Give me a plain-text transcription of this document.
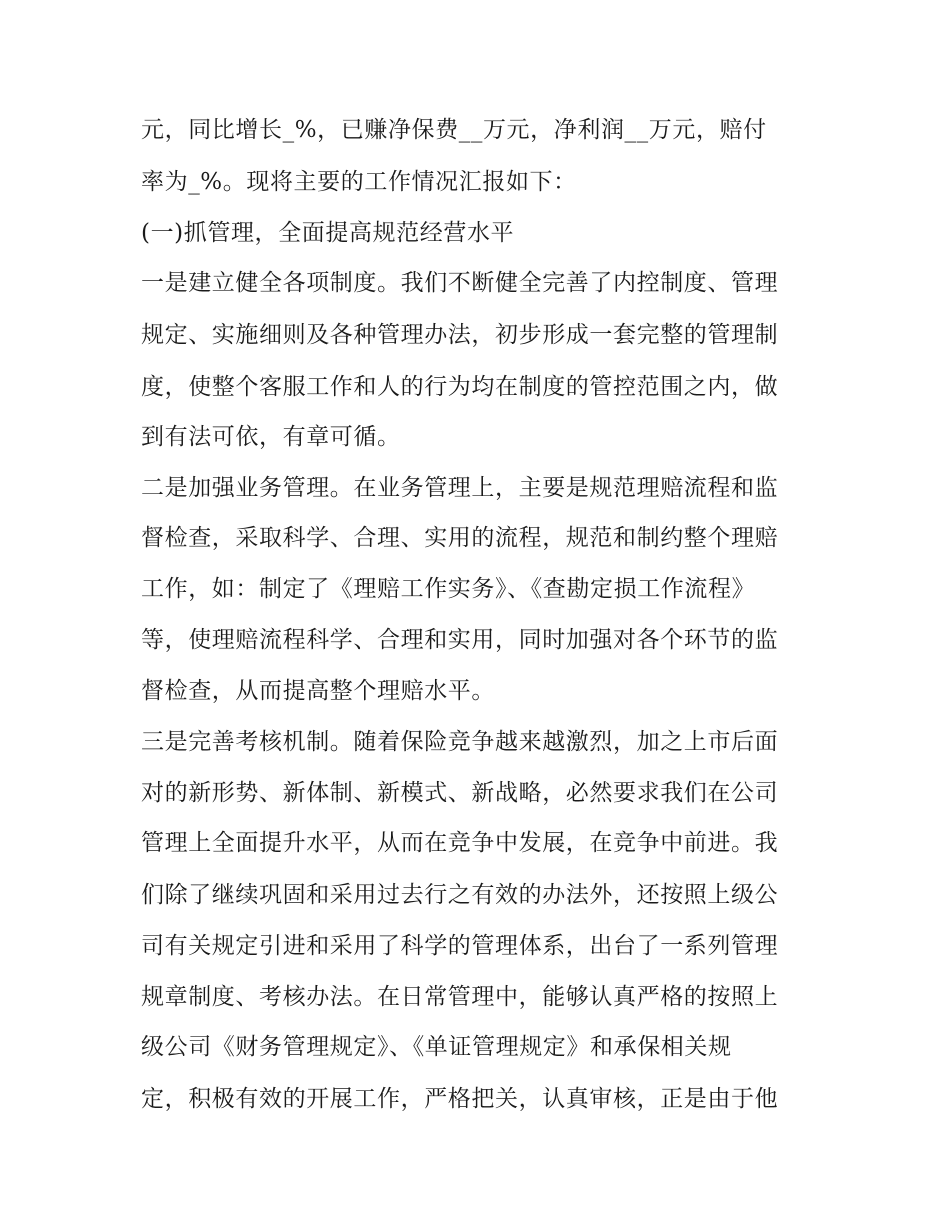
元，同比增长_%，已赚净保费__万元，净利润__万元，赔付

率为_%。现将主要的工作情况汇报如下：

(一)抓管理，全面提高规范经营水平

一是建立健全各项制度。我们不断健全完善了内控制度、管理

规定、实施细则及各种管理办法，初步形成一套完整的管理制

度，使整个客服工作和人的行为均在制度的管控范围之内，做

到有法可依，有章可循。

二是加强业务管理。在业务管理上，主要是规范理赔流程和监

督检查，采取科学、合理、实用的流程，规范和制约整个理赔

工作，如：制定了《理赔工作实务》、《查勘定损工作流程》

等，使理赔流程科学、合理和实用，同时加强对各个环节的监

督检查，从而提高整个理赔水平。

三是完善考核机制。随着保险竞争越来越激烈，加之上市后面

对的新形势、新体制、新模式、新战略，必然要求我们在公司

管理上全面提升水平，从而在竞争中发展，在竞争中前进。我

们除了继续巩固和采用过去行之有效的办法外，还按照上级公

司有关规定引进和采用了科学的管理体系，出台了一系列管理

规章制度、考核办法。在日常管理中，能够认真严格的按照上

级公司《财务管理规定》、《单证管理规定》和承保相关规

定，积极有效的开展工作，严格把关，认真审核，正是由于他
